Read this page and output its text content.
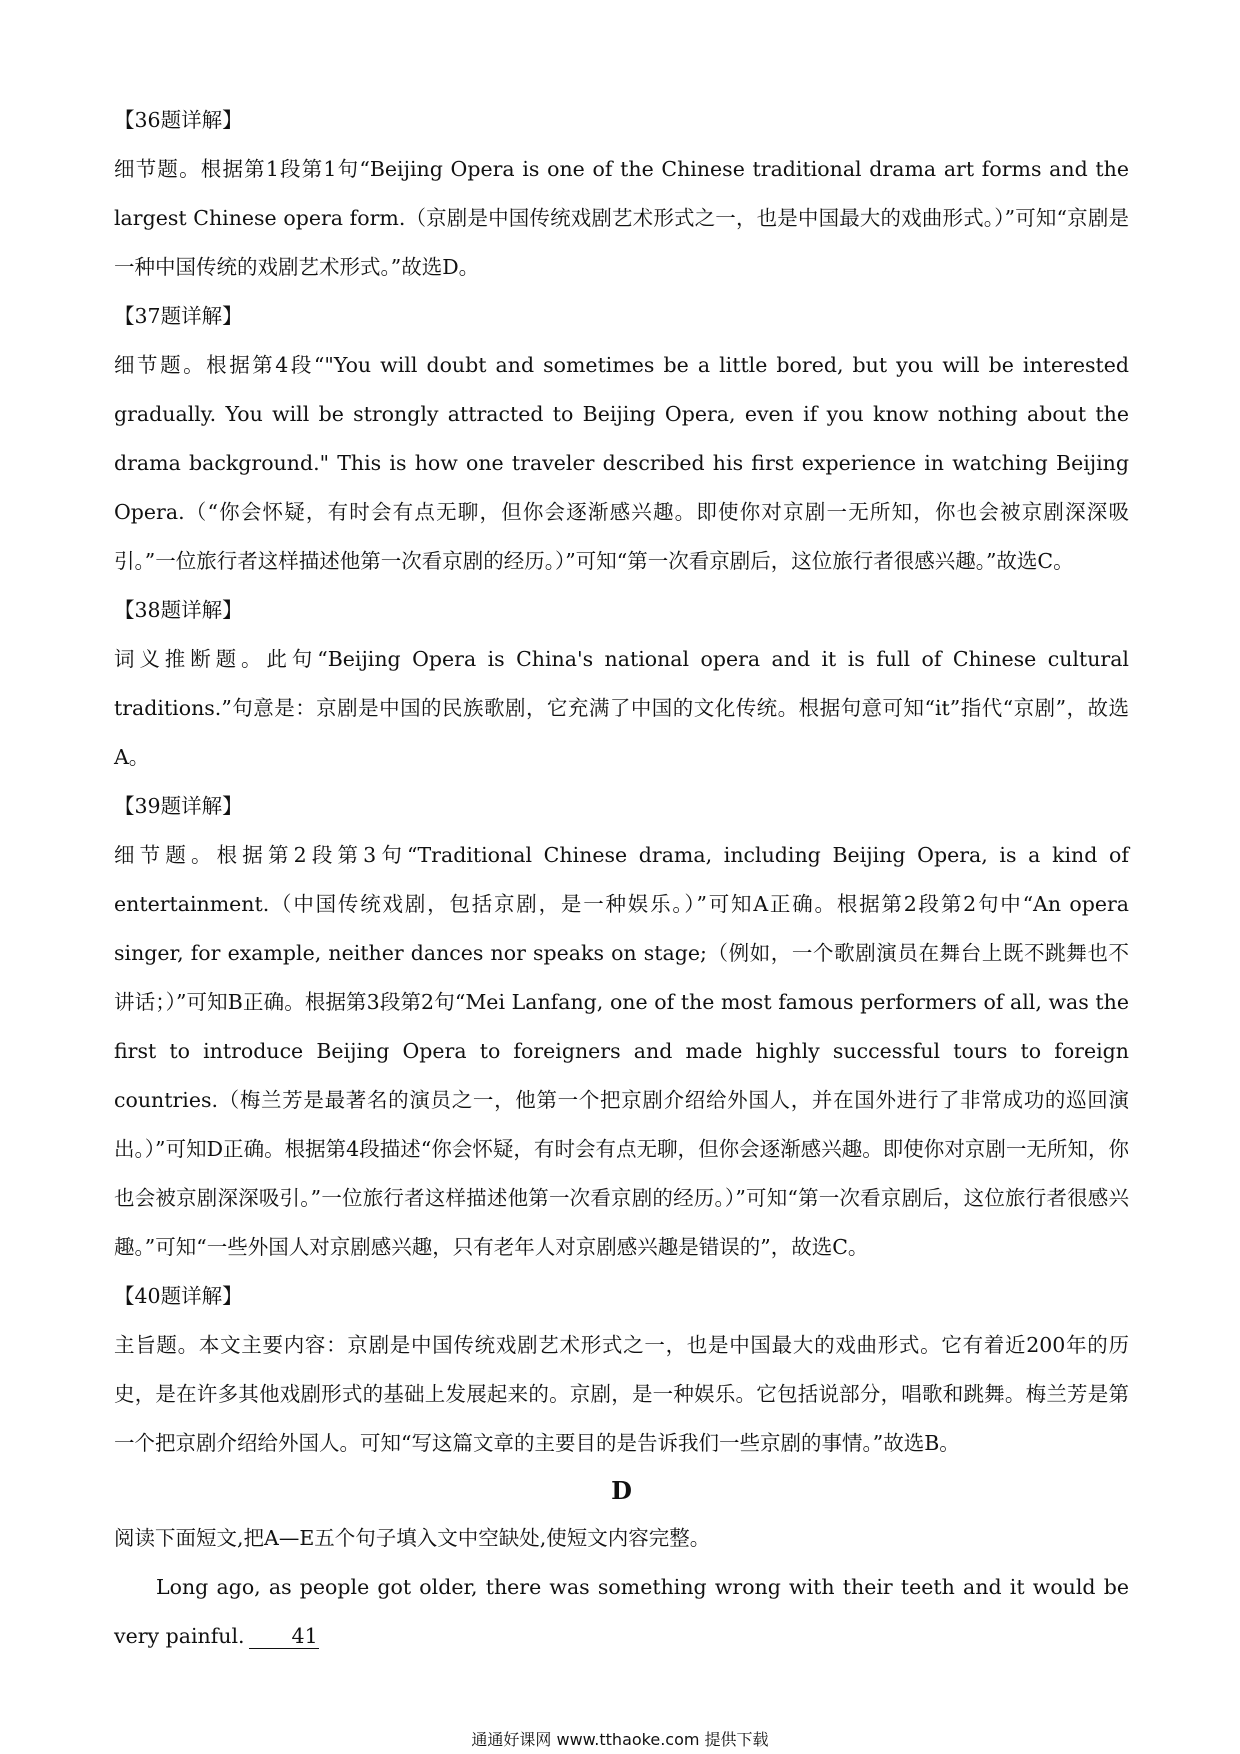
【36题详解】

细节题。根据第1段第1句“Beijing Opera is one of the Chinese traditional drama art forms and the largest Chinese opera form.（京剧是中国传统戏剧艺术形式之一，也是中国最大的戏曲形式。）”可知“京剧是一种中国传统的戏剧艺术形式。”故选D。

【37题详解】

细节题。根据第4段“"You will doubt and sometimes be a little bored, but you will be interested gradually. You will be strongly attracted to Beijing Opera, even if you know nothing about the drama background." This is how one traveler described his first experience in watching Beijing Opera.（“你会怀疑，有时会有点无聊，但你会逐渐感兴趣。即使你对京剧一无所知，你也会被京剧深深吸引。”一位旅行者这样描述他第一次看京剧的经历。）”可知“第一次看京剧后，这位旅行者很感兴趣。”故选C。

【38题详解】

词义推断题。此句“Beijing Opera is China's national opera and it is full of Chinese cultural traditions.”句意是：京剧是中国的民族歌剧，它充满了中国的文化传统。根据句意可知“it”指代“京剧”，故选A。

【39题详解】

细节题。根据第2段第3句“Traditional Chinese drama, including Beijing Opera, is a kind of entertainment.（中国传统戏剧，包括京剧，是一种娱乐。）”可知A正确。根据第2段第2句中“An opera singer, for example, neither dances nor speaks on stage;（例如，一个歌剧演员在舞台上既不跳舞也不讲话；）”可知B正确。根据第3段第2句“Mei Lanfang, one of the most famous performers of all, was the first to introduce Beijing Opera to foreigners and made highly successful tours to foreign countries.（梅兰芳是最著名的演员之一，他第一个把京剧介绍给外国人，并在国外进行了非常成功的巡回演出。）”可知D正确。根据第4段描述“你会怀疑，有时会有点无聊，但你会逐渐感兴趣。即使你对京剧一无所知，你也会被京剧深深吸引。”一位旅行者这样描述他第一次看京剧的经历。）”可知“第一次看京剧后，这位旅行者很感兴趣。”可知“一些外国人对京剧感兴趣，只有老年人对京剧感兴趣是错误的”，故选C。

【40题详解】

主旨题。本文主要内容：京剧是中国传统戏剧艺术形式之一，也是中国最大的戏曲形式。它有着近200年的历史，是在许多其他戏剧形式的基础上发展起来的。京剧，是一种娱乐。它包括说部分，唱歌和跳舞。梅兰芳是第一个把京剧介绍给外国人。可知“写这篇文章的主要目的是告诉我们一些京剧的事情。”故选B。

D

阅读下面短文,把A—E五个句子填入文中空缺处,使短文内容完整。

Long ago, as people got older, there was something wrong with their teeth and it would be very painful. 41

通通好课网 www.tthaoke.com 提供下载
